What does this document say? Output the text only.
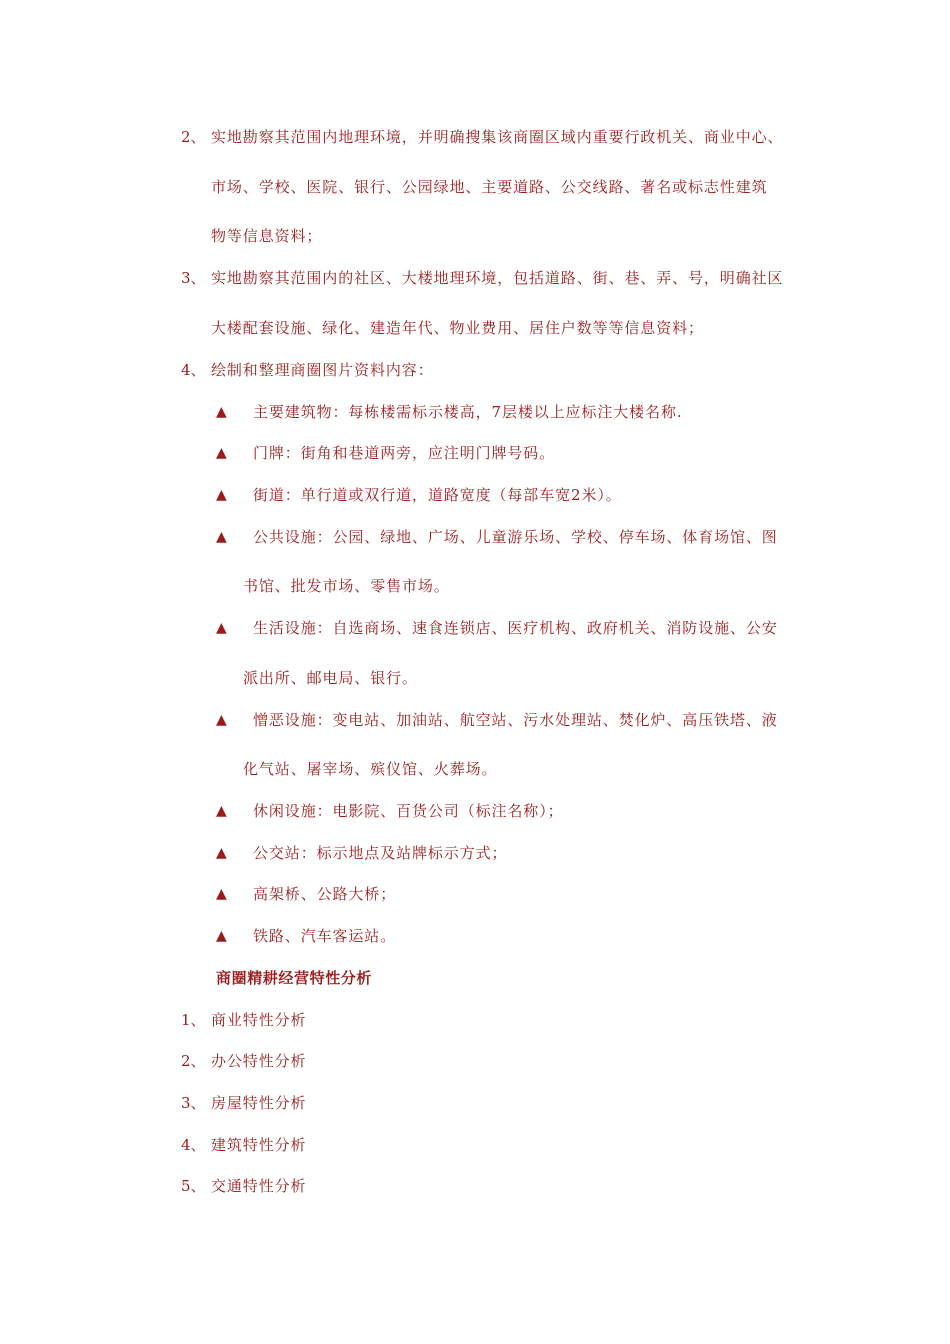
2、 实地勘察其范围内地理环境，并明确搜集该商圈区域内重要行政机关、商业中心、
市场、学校、医院、银行、公园绿地、主要道路、公交线路、著名或标志性建筑
物等信息资料；
3、 实地勘察其范围内的社区、大楼地理环境，包括道路、街、巷、弄、号，明确社区
大楼配套设施、绿化、建造年代、物业费用、居住户数等等信息资料；
4、 绘制和整理商圈图片资料内容：
▲ 主要建筑物：每栋楼需标示楼高，7层楼以上应标注大楼名称.
▲ 门牌：街角和巷道两旁，应注明门牌号码。
▲ 街道：单行道或双行道，道路宽度（每部车宽2米）。
▲ 公共设施：公园、绿地、广场、儿童游乐场、学校、停车场、体育场馆、图
书馆、批发市场、零售市场。
▲ 生活设施：自选商场、速食连锁店、医疗机构、政府机关、消防设施、公安
派出所、邮电局、银行。
▲ 憎恶设施：变电站、加油站、航空站、污水处理站、焚化炉、高压铁塔、液
化气站、屠宰场、殡仪馆、火葬场。
▲ 休闲设施：电影院、百货公司（标注名称）；
▲ 公交站：标示地点及站牌标示方式；
▲ 高架桥、公路大桥；
▲ 铁路、汽车客运站。
商圈精耕经营特性分析
1、 商业特性分析
2、 办公特性分析
3、 房屋特性分析
4、 建筑特性分析
5、 交通特性分析
